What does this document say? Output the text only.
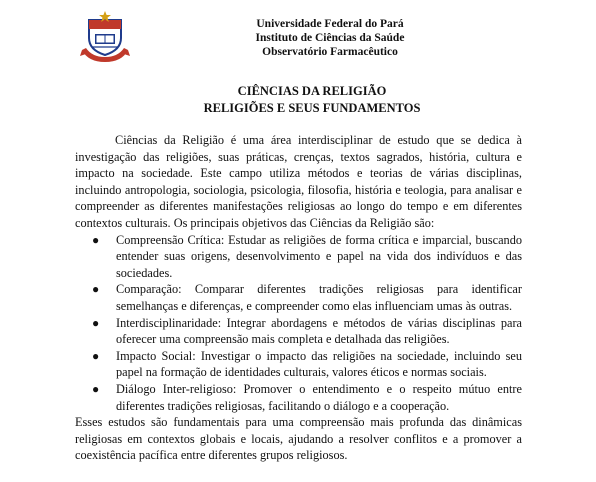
Universidade Federal do Pará
Instituto de Ciências da Saúde
Observatório Farmacêutico
CIÊNCIAS DA RELIGIÃO
RELIGIÕES E SEUS FUNDAMENTOS

Ciências da Religião é uma área interdisciplinar de estudo que se dedica à investigação das religiões, suas práticas, crenças, textos sagrados, história, cultura e impacto na sociedade. Este campo utiliza métodos e teorias de várias disciplinas, incluindo antropologia, sociologia, psicologia, filosofia, história e teologia, para analisar e compreender as diferentes manifestações religiosas ao longo do tempo e em diferentes contextos culturais. Os principais objetivos das Ciências da Religião são:

● Compreensão Crítica: Estudar as religiões de forma crítica e imparcial, buscando entender suas origens, desenvolvimento e papel na vida dos indivíduos e das sociedades.
● Comparação: Comparar diferentes tradições religiosas para identificar semelhanças e diferenças, e compreender como elas influenciam umas às outras.
● Interdisciplinaridade: Integrar abordagens e métodos de várias disciplinas para oferecer uma compreensão mais completa e detalhada das religiões.
● Impacto Social: Investigar o impacto das religiões na sociedade, incluindo seu papel na formação de identidades culturais, valores éticos e normas sociais.
● Diálogo Inter-religioso: Promover o entendimento e o respeito mútuo entre diferentes tradições religiosas, facilitando o diálogo e a cooperação.

Esses estudos são fundamentais para uma compreensão mais profunda das dinâmicas religiosas em contextos globais e locais, ajudando a resolver conflitos e a promover a coexistência pacífica entre diferentes grupos religiosos.
